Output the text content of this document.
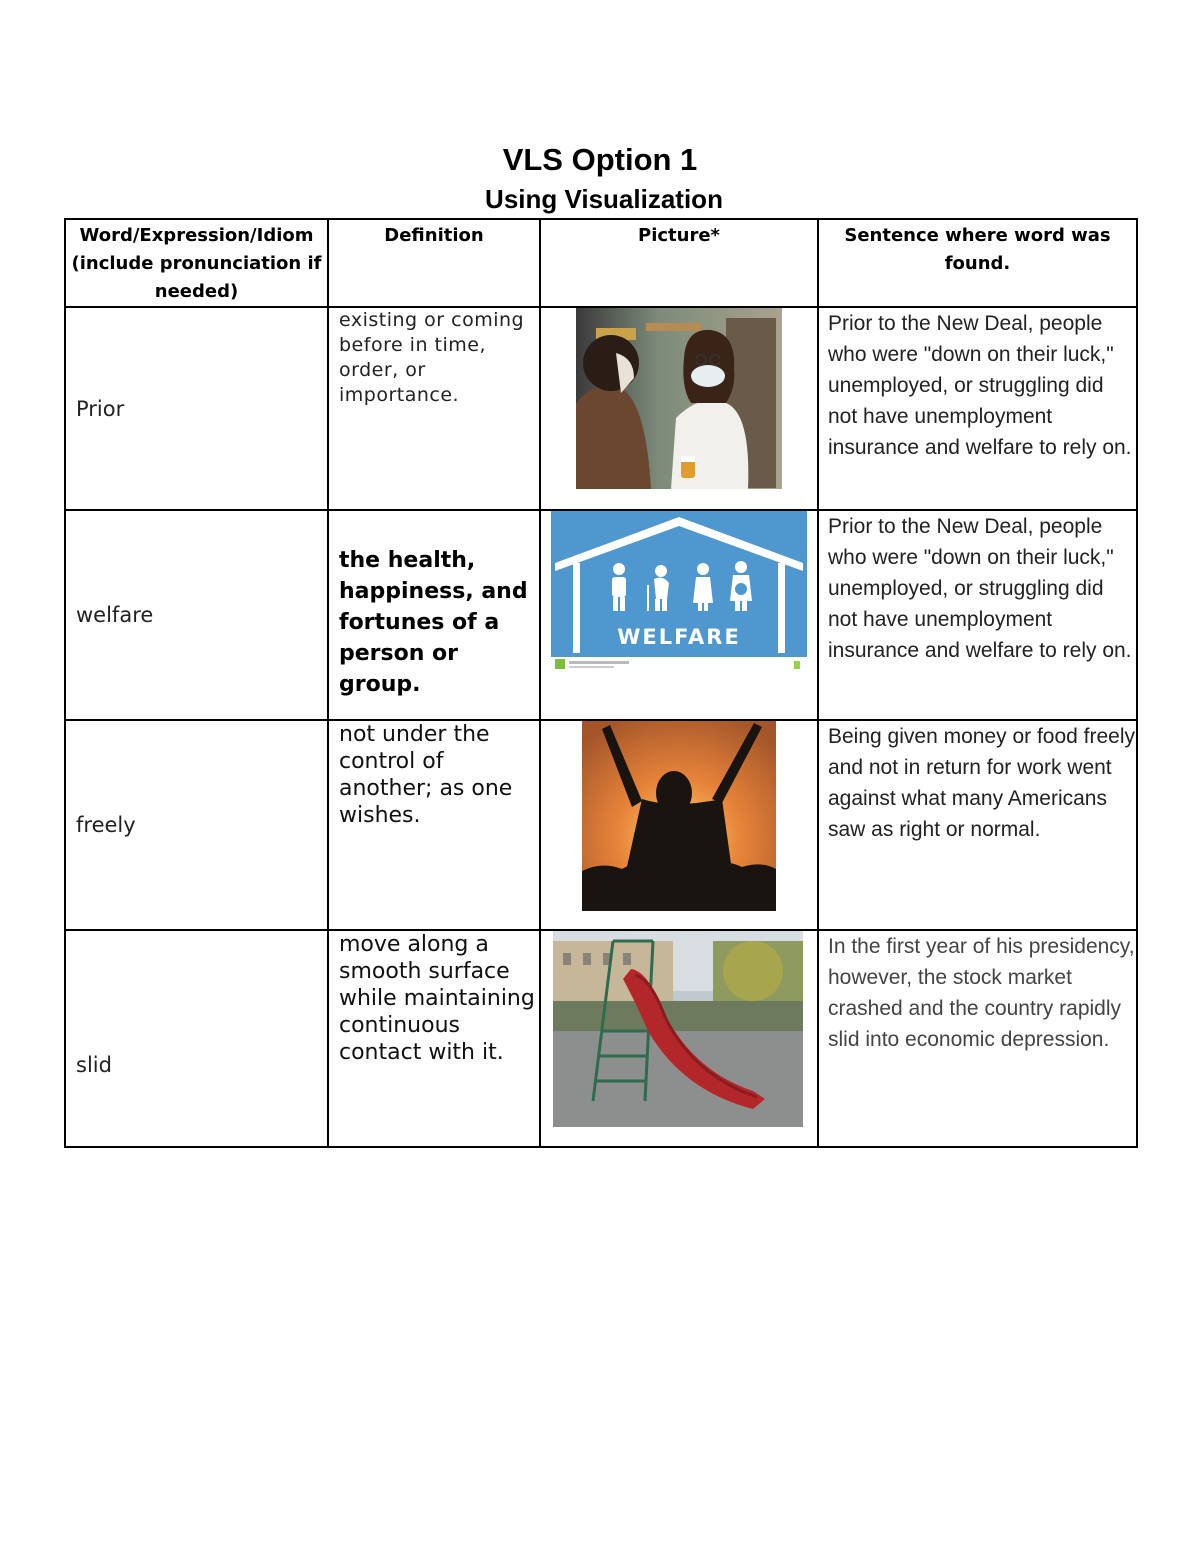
VLS Option 1
Using Visualization
Word/Expression/Idiom (include pronunciation if needed)	Definition	Picture*	Sentence where word was found.
Prior	existing or coming before in time, order, or importance.		Prior to the New Deal, people who were "down on their luck," unemployed, or struggling did not have unemployment insurance and welfare to rely on.
welfare	the health, happiness, and fortunes of a person or group.	WELFARE	Prior to the New Deal, people who were "down on their luck," unemployed, or struggling did not have unemployment insurance and welfare to rely on.
freely	not under the control of another; as one wishes.		Being given money or food freely and not in return for work went against what many Americans saw as right or normal.
slid	move along a smooth surface while maintaining continuous contact with it.		In the first year of his presidency, however, the stock market crashed and the country rapidly slid into economic depression.
